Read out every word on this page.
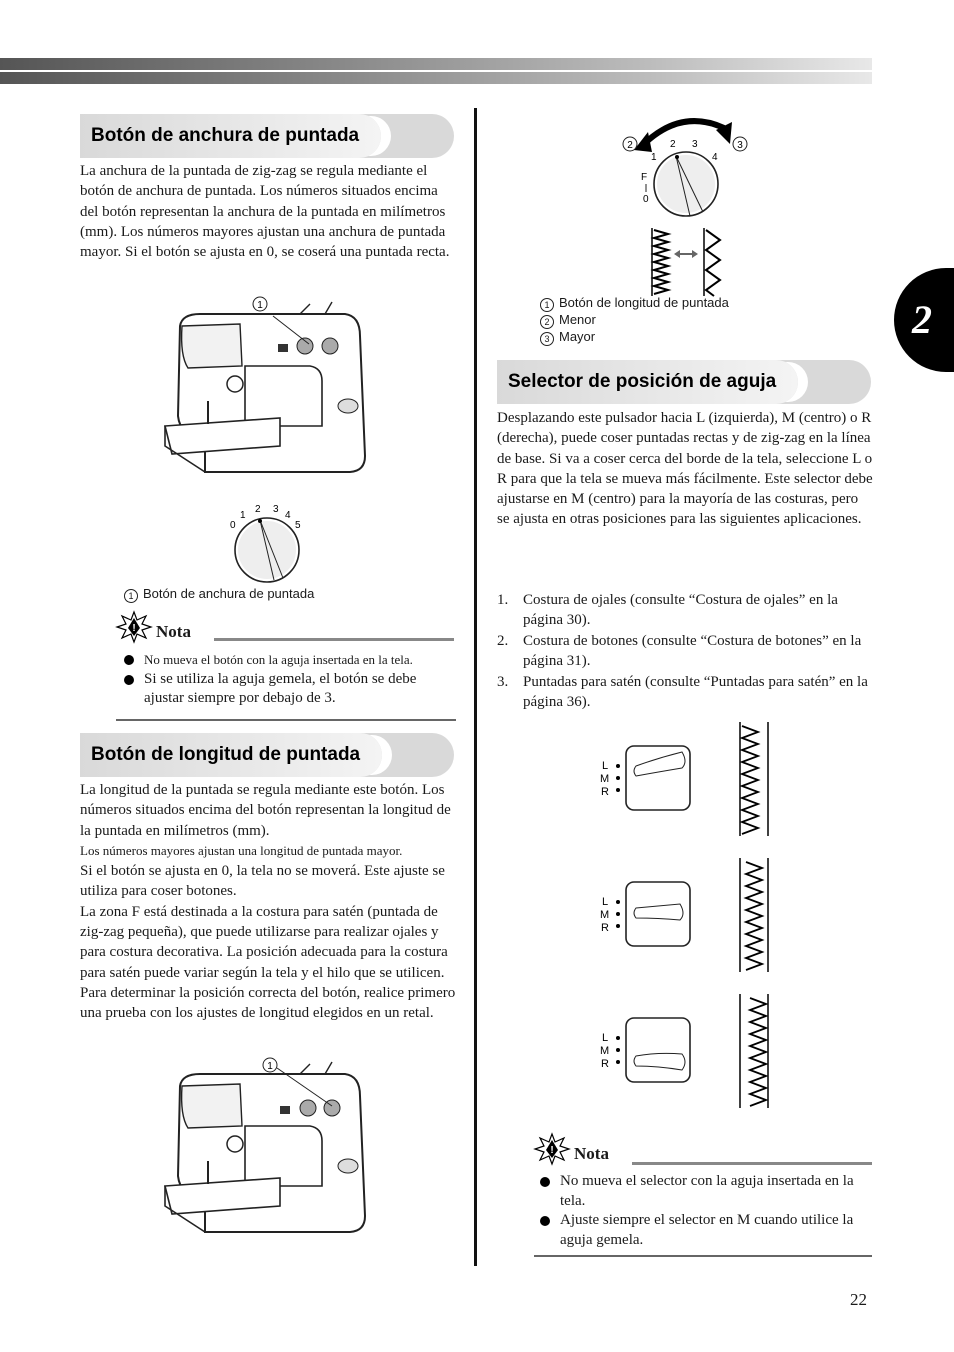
2
Botón de anchura de puntada

La anchura de la puntada de zig-zag se regula mediante el botón de anchura de puntada. Los números situados encima del botón representan la anchura de la puntada en milímetros (mm). Los números mayores ajustan una anchura de puntada mayor. Si el botón se ajusta en 0, se coserá una puntada recta.

1
0
1
2 3
4
5
1 Botón de anchura de puntada
! Nota
No mueva el botón con la aguja insertada en la tela.
Si se utiliza la aguja gemela, el botón se debe ajustar siempre por debajo de 3.
Botón de longitud de puntada
La longitud de la puntada se regula mediante este botón. Los números situados encima del botón representan la longitud de la puntada en milímetros (mm).
Los números mayores ajustan una longitud de puntada mayor.
Si el botón se ajusta en 0, la tela no se moverá. Este ajuste se utiliza para coser botones.
La zona F está destinada a la costura para satén (puntada de zig-zag pequeña), que puede utilizarse para realizar ojales y para costura decorativa. La posición adecuada para la costura para satén puede variar según la tela y el hilo que se utilicen. Para determinar la posición correcta del botón, realice primero una prueba con los ajustes de longitud elegidos en un retal.
1
2	3
0
F
1
2 3
4
1 Botón de longitud de puntada
2 Menor
3 Mayor
Selector de posición de aguja

Desplazando este pulsador hacia L (izquierda), M (centro) o R (derecha), puede coser puntadas rectas y de zig-zag en la línea de base. Si va a coser cerca del borde de la tela, seleccione L o R para que la tela se mueva más fácilmente. Este selector debe ajustarse en M (centro) para la mayoría de las costuras, pero se ajusta en otras posiciones para las siguientes aplicaciones.

1. Costura de ojales (consulte “Costura de ojales” en la página 30).
2. Costura de botones (consulte “Costura de botones” en la página 31).
3. Puntadas para satén (consulte “Puntadas para satén” en la página 36).
L
M
R
L
M
R
L
M
R
! Nota
No mueva el selector con la aguja insertada en la tela.
Ajuste siempre el selector en M cuando utilice la aguja gemela.
22
